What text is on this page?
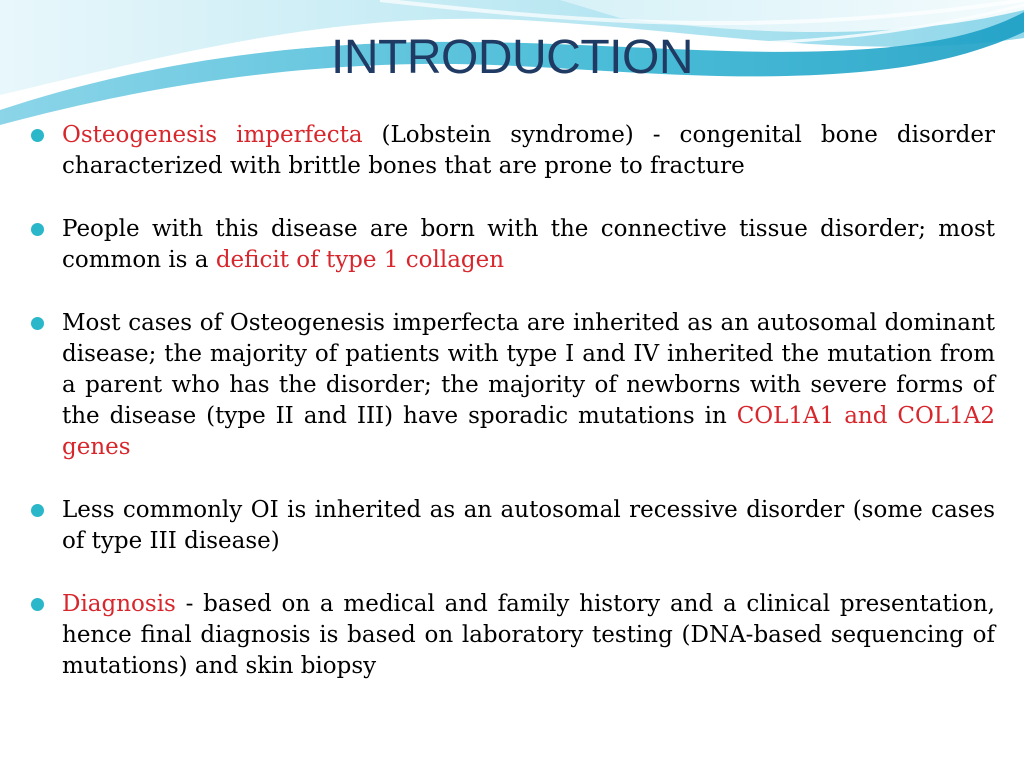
INTRODUCTION
Osteogenesis imperfecta (Lobstein syndrome) - congenital bone disorder characterized with brittle bones that are prone to fracture
People with this disease are born with the connective tissue disorder; most common is a deficit of type 1 collagen
Most cases of Osteogenesis imperfecta are inherited as an autosomal dominant disease; the majority of patients with type I and IV inherited the mutation from a parent who has the disorder; the majority of newborns with severe forms of the disease (type II and III) have sporadic mutations in COL1A1 and COL1A2 genes
Less commonly OI is inherited as an autosomal recessive disorder (some cases of type III disease)
Diagnosis - based on a medical and family history and a clinical presentation, hence final diagnosis is based on laboratory testing (DNA-based sequencing of mutations) and skin biopsy
